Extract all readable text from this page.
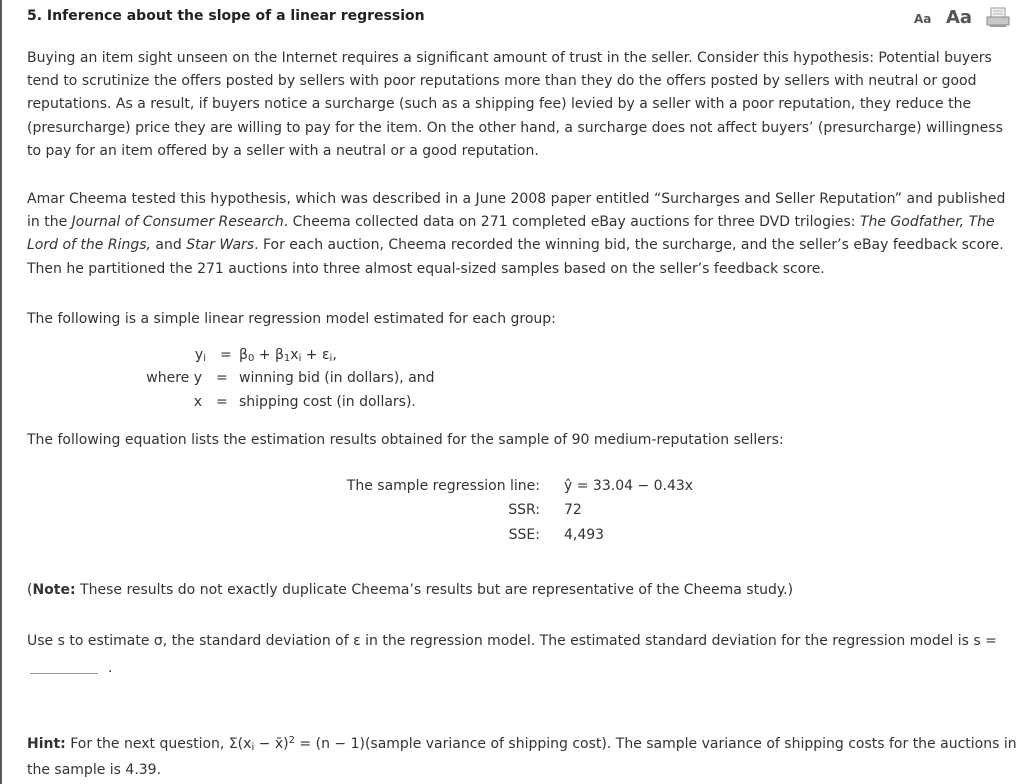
5. Inference about the slope of a linear regression	Aa Aa

Buying an item sight unseen on the Internet requires a significant amount of trust in the seller. Consider this hypothesis: Potential buyers tend to scrutinize the offers posted by sellers with poor reputations more than they do the offers posted by sellers with neutral or good reputations. As a result, if buyers notice a surcharge (such as a shipping fee) levied by a seller with a poor reputation, they reduce the (presurcharge) price they are willing to pay for the item. On the other hand, a surcharge does not affect buyers’ (presurcharge) willingness to pay for an item offered by a seller with a neutral or a good reputation.

Amar Cheema tested this hypothesis, which was described in a June 2008 paper entitled “Surcharges and Seller Reputation” and published in the Journal of Consumer Research. Cheema collected data on 271 completed eBay auctions for three DVD trilogies: The Godfather, The Lord of the Rings, and Star Wars. For each auction, Cheema recorded the winning bid, the surcharge, and the seller’s eBay feedback score. Then he partitioned the 271 auctions into three almost equal-sized samples based on the seller’s feedback score.

The following is a simple linear regression model estimated for each group:

$y_i = \beta_0 + \beta_1x_i + \varepsilon_i$,
where y = winning bid (in dollars), and
x = shipping cost (in dollars).

The following equation lists the estimation results obtained for the sample of 90 medium-reputation sellers:

The sample regression line: ŷ = 33.04 − 0.43x
SSR: 72
SSE: 4,493

(Note: These results do not exactly duplicate Cheema’s results but are representative of the Cheema study.)

Use s to estimate σ, the standard deviation of ε in the regression model. The estimated standard deviation for the regression model is s =

.

Hint: For the next question, $\Sigma(x_i$ − x̄)$^2$ = (n − 1)(sample variance of shipping cost). The sample variance of shipping costs for the auctions in the sample is 4.39.
